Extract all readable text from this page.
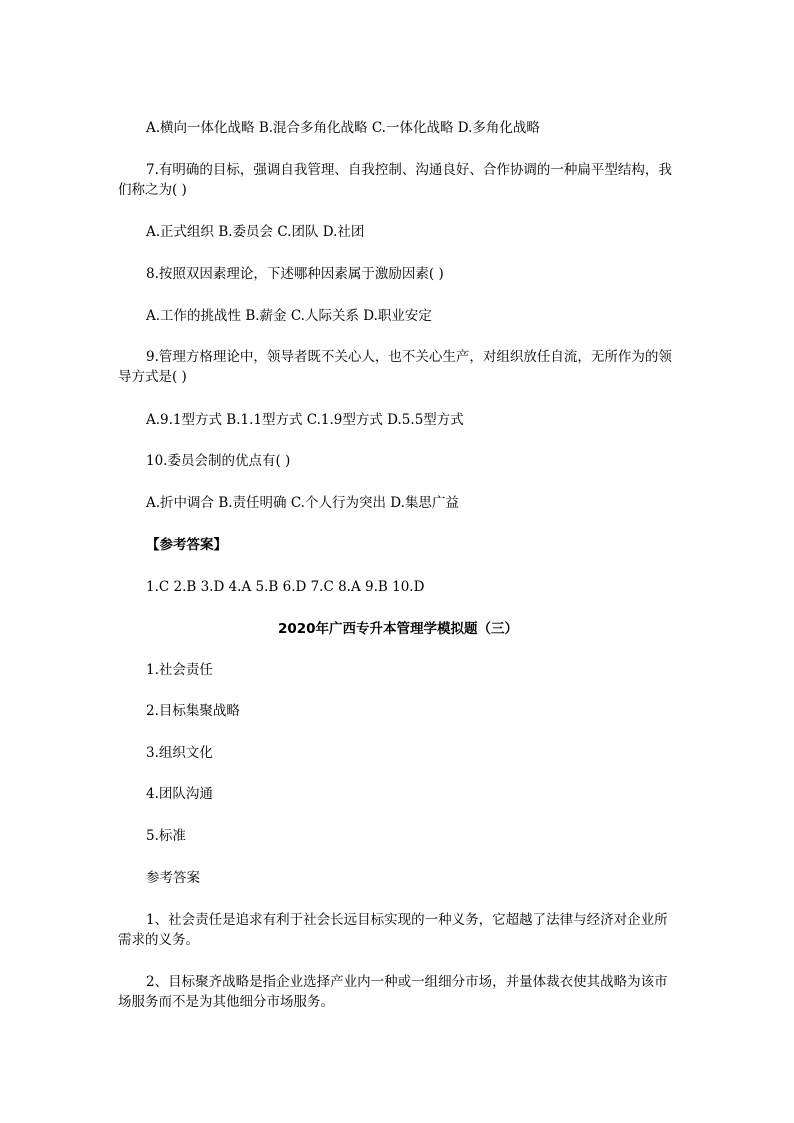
A.横向一体化战略 B.混合多角化战略 C.一体化战略 D.多角化战略

7.有明确的目标，强调自我管理、自我控制、沟通良好、合作协调的一种扁平型结构，我们称之为( )

A.正式组织 B.委员会 C.团队 D.社团

8.按照双因素理论，下述哪种因素属于激励因素( )

A.工作的挑战性 B.薪金 C.人际关系 D.职业安定

9.管理方格理论中，领导者既不关心人，也不关心生产，对组织放任自流，无所作为的领导方式是( )

A.9.1型方式 B.1.1型方式 C.1.9型方式 D.5.5型方式

10.委员会制的优点有( )

A.折中调合 B.责任明确 C.个人行为突出 D.集思广益

【参考答案】

1.C 2.B 3.D 4.A 5.B 6.D 7.C 8.A 9.B 10.D

2020年广西专升本管理学模拟题（三）

1.社会责任

2.目标集聚战略

3.组织文化

4.团队沟通

5.标准

参考答案

1、社会责任是追求有利于社会长远目标实现的一种义务，它超越了法律与经济对企业所需求的义务。

2、目标聚齐战略是指企业选择产业内一种或一组细分市场，并量体裁衣使其战略为该市场服务而不是为其他细分市场服务。
